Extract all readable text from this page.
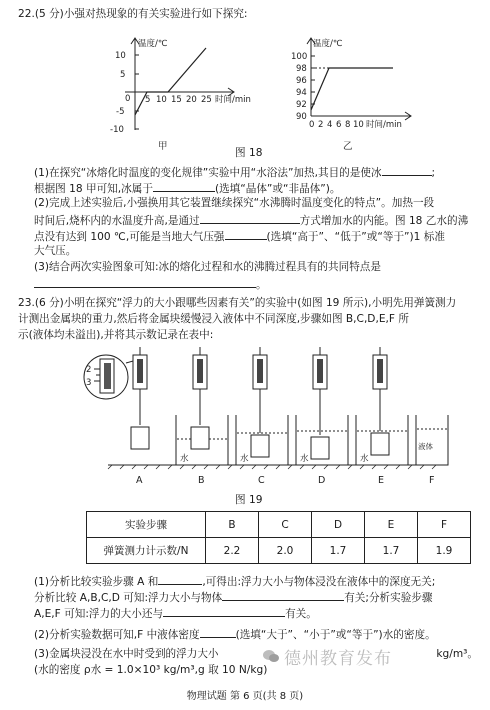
22.(5 分)小强对热现象的有关实验进行如下探究:
温度/℃
10
5
0
-5
-10
5 10 15 20 25 时间/min
甲
温度/℃
100
98
96
94
92
90
0 2 4 6 8 10 时间/min
乙
图 18
(1)在探究“冰熔化时温度的变化规律”实验中用“水浴法”加热,其目的是使冰	;
根据图 18 甲可知,冰属于	(选填“晶体”或“非晶体”)。
(2)完成上述实验后,小强换用其它装置继续探究“水沸腾时温度变化的特点”。加热一段
时间后,烧杯内的水温度升高,是通过	方式增加水的内能。图 18 乙水的沸
点没有达到 100 ℃,可能是当地大气压强	(选填“高于”、“低于”或“等于”)1 标准
大气压。
(3)结合两次实验图象可知:冰的熔化过程和水的沸腾过程具有的共同特点是
。
23.(6 分)小明在探究“浮力的大小跟哪些因素有关”的实验中(如图 19 所示),小明先用弹簧测力
计测出金属块的重力,然后将金属块缓慢浸入液体中不同深度,步骤如图 B,C,D,E,F 所
示(液体均未溢出),并将其示数记录在表中:
2
3
水	水	水	水
液体
A	B	C	D	E	F
图 19
实验步骤	B	C	D	E	F
弹簧测力计示数/N	2.2	2.0	1.7	1.7	1.9
(1)分析比较实验步骤 A 和	,可得出:浮力大小与物体浸没在液体中的深度无关;
分析比较 A,B,C,D 可知:浮力大小与物体	有关;分析实验步骤
A,E,F 可知:浮力的大小还与	有关。
(2)分析实验数据可知,F 中液体密度	(选填“大于”、“小于”或“等于”)水的密度。
(3)金属块浸没在水中时受到的浮力大小	kg/m³。
(水的密度 ρ水 = 1.0×10³ kg/m³,g 取 10 N/kg)
德州教育发布
物理试题 第 6 页(共 8 页)
